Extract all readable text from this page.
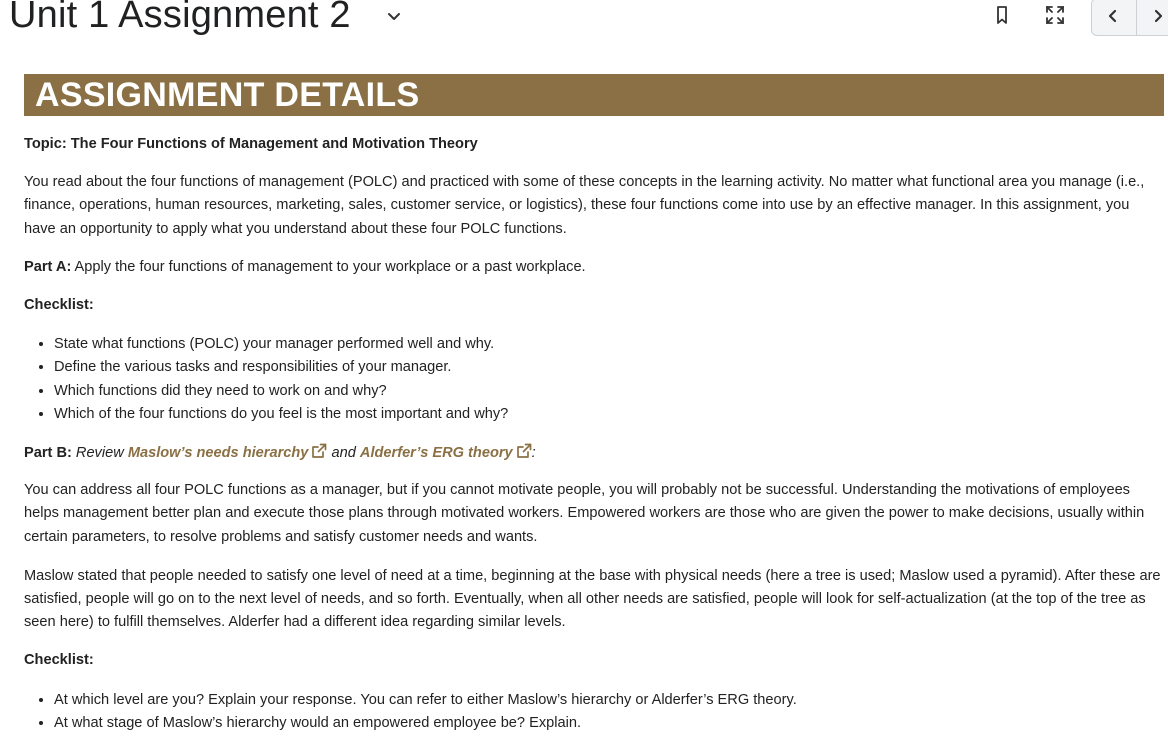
Unit 1 Assignment 2
ASSIGNMENT DETAILS

Topic: The Four Functions of Management and Motivation Theory

You read about the four functions of management (POLC) and practiced with some of these concepts in the learning activity. No matter what functional area you manage (i.e., finance, operations, human resources, marketing, sales, customer service, or logistics), these four functions come into use by an effective manager. In this assignment, you have an opportunity to apply what you understand about these four POLC functions.

Part A: Apply the four functions of management to your workplace or a past workplace.

Checklist:

• State what functions (POLC) your manager performed well and why.
• Define the various tasks and responsibilities of your manager.
• Which functions did they need to work on and why?
• Which of the four functions do you feel is the most important and why?

Part B: Review Maslow’s needs hierarchy and Alderfer’s ERG theory :

You can address all four POLC functions as a manager, but if you cannot motivate people, you will probably not be successful. Understanding the motivations of employees helps management better plan and execute those plans through motivated workers. Empowered workers are those who are given the power to make decisions, usually within certain parameters, to resolve problems and satisfy customer needs and wants.

Maslow stated that people needed to satisfy one level of need at a time, beginning at the base with physical needs (here a tree is used; Maslow used a pyramid). After these are satisfied, people will go on to the next level of needs, and so forth. Eventually, when all other needs are satisfied, people will look for self-actualization (at the top of the tree as seen here) to fulfill themselves. Alderfer had a different idea regarding similar levels.

Checklist:

• At which level are you? Explain your response. You can refer to either Maslow’s hierarchy or Alderfer’s ERG theory.
• At what stage of Maslow’s hierarchy would an empowered employee be? Explain.
